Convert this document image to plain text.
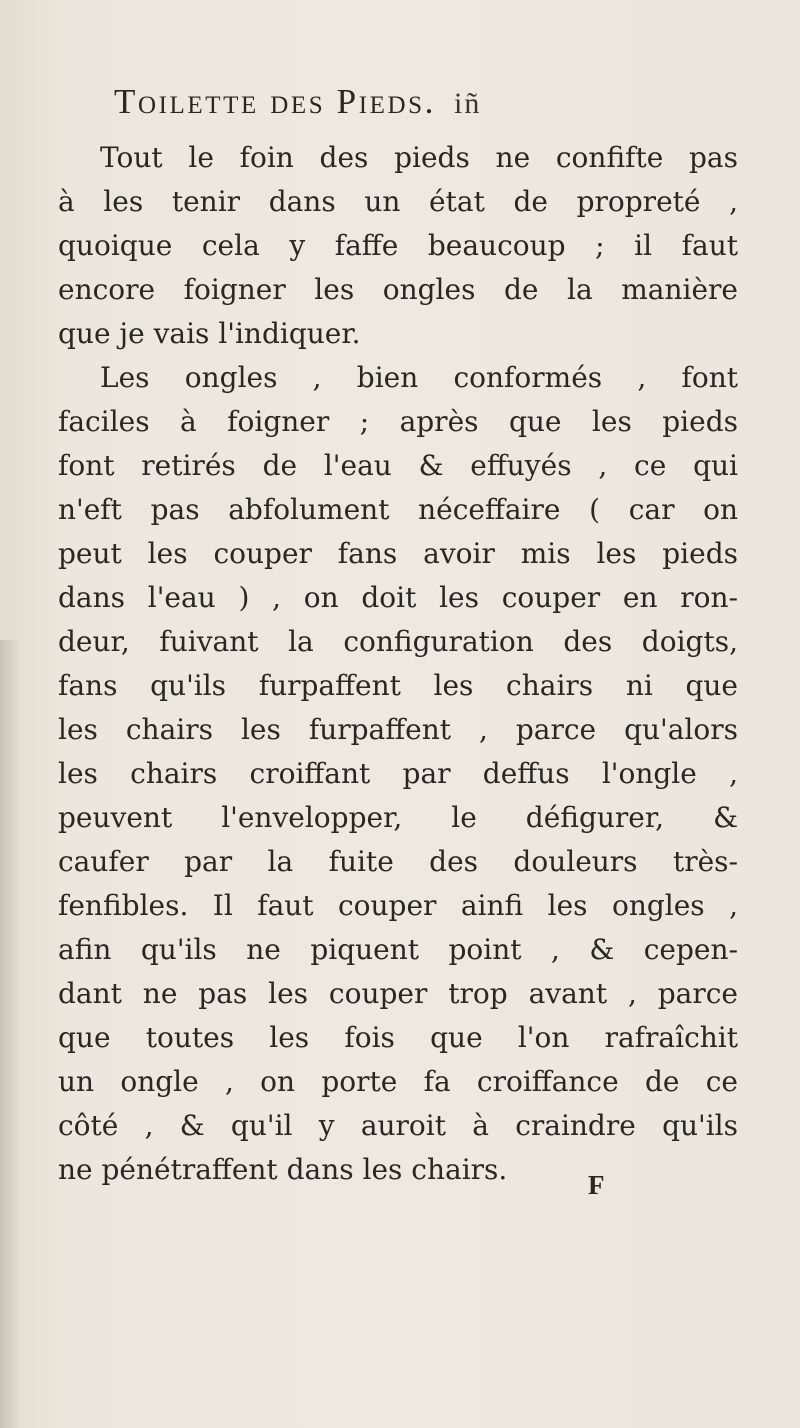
Toilette des Pieds. iñ
Tout le foin des pieds ne confifte pas
à les tenir dans un état de propreté ,
quoique cela y faffe beaucoup ; il faut
encore foigner les ongles de la manière
que je vais l'indiquer.
Les ongles , bien conformés , font
faciles à foigner ; après que les pieds
font retirés de l'eau & effuyés , ce qui
n'eft pas abfolument néceffaire ( car on
peut les couper fans avoir mis les pieds
dans l'eau ) , on doit les couper en ron-
deur, fuivant la configuration des doigts,
fans qu'ils furpaffent les chairs ni que
les chairs les furpaffent , parce qu'alors
les chairs croiffant par deffus l'ongle ,
peuvent l'envelopper, le défigurer, &
caufer par la fuite des douleurs très-
fenfibles. Il faut couper ainfi les ongles ,
afin qu'ils ne piquent point , & cepen-
dant ne pas les couper trop avant , parce
que toutes les fois que l'on rafraîchit
un ongle , on porte fa croiffance de ce
côté , & qu'il y auroit à craindre qu'ils
ne pénétraffent dans les chairs.	F
